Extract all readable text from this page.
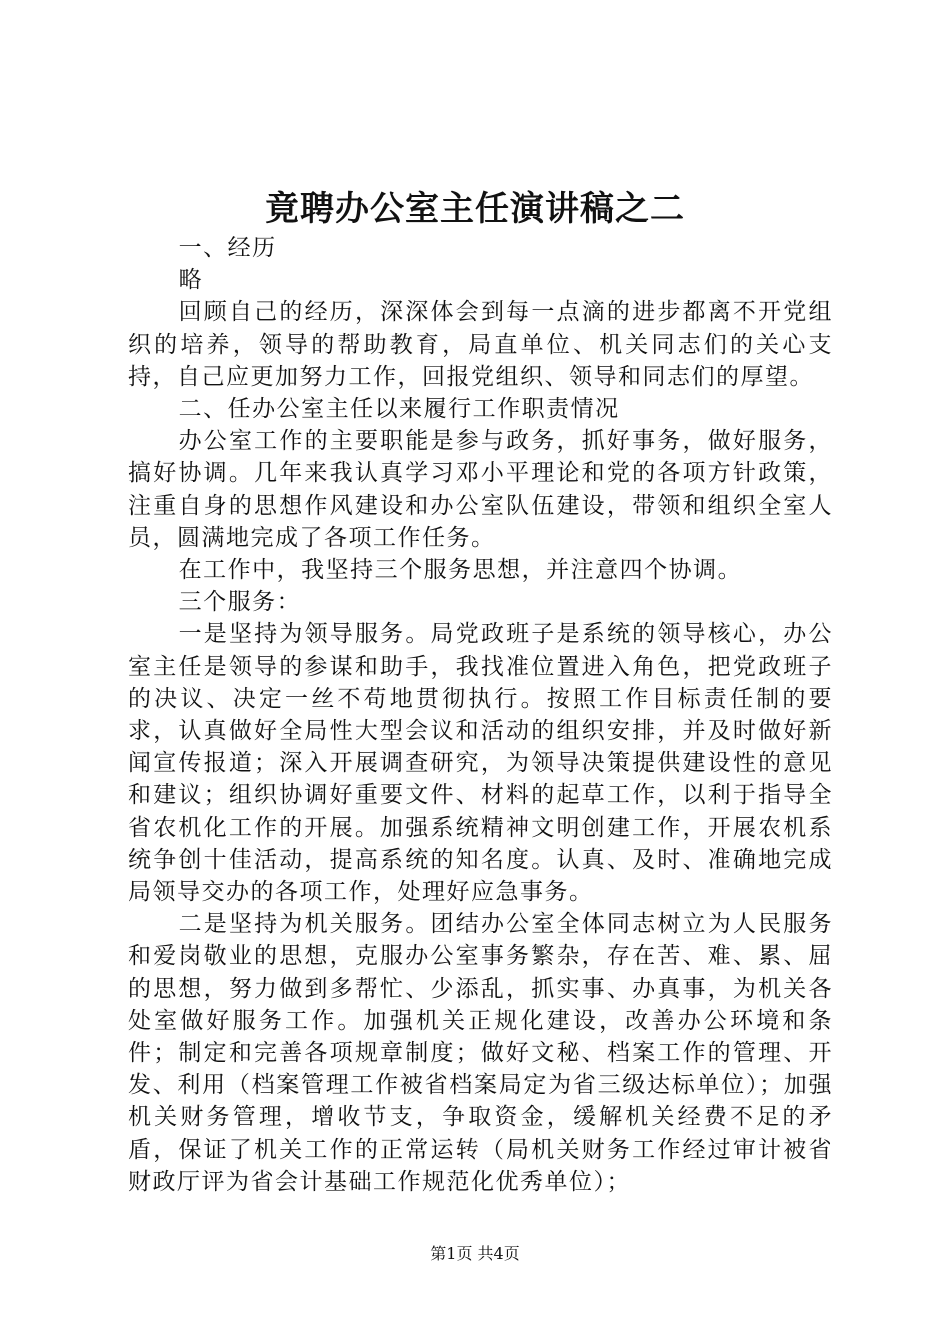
竟聘办公室主任演讲稿之二

一、经历

略

回顾自己的经历，深深体会到每一点滴的进步都离不开党组织的培养，领导的帮助教育，局直单位、机关同志们的关心支持，自己应更加努力工作，回报党组织、领导和同志们的厚望。

二、任办公室主任以来履行工作职责情况

办公室工作的主要职能是参与政务，抓好事务，做好服务，搞好协调。几年来我认真学习邓小平理论和党的各项方针政策，注重自身的思想作风建设和办公室队伍建设，带领和组织全室人员，圆满地完成了各项工作任务。

在工作中，我坚持三个服务思想，并注意四个协调。

三个服务：

一是坚持为领导服务。局党政班子是系统的领导核心，办公室主任是领导的参谋和助手，我找准位置进入角色，把党政班子的决议、决定一丝不苟地贯彻执行。按照工作目标责任制的要求，认真做好全局性大型会议和活动的组织安排，并及时做好新闻宣传报道；深入开展调查研究，为领导决策提供建设性的意见和建议；组织协调好重要文件、材料的起草工作，以利于指导全省农机化工作的开展。加强系统精神文明创建工作，开展农机系统争创十佳活动，提高系统的知名度。认真、及时、准确地完成局领导交办的各项工作，处理好应急事务。

二是坚持为机关服务。团结办公室全体同志树立为人民服务和爱岗敬业的思想，克服办公室事务繁杂，存在苦、难、累、屈的思想，努力做到多帮忙、少添乱，抓实事、办真事，为机关各处室做好服务工作。加强机关正规化建设，改善办公环境和条件；制定和完善各项规章制度；做好文秘、档案工作的管理、开发、利用（档案管理工作被省档案局定为省三级达标单位）；加强机关财务管理，增收节支，争取资金，缓解机关经费不足的矛盾，保证了机关工作的正常运转（局机关财务工作经过审计被省财政厅评为省会计基础工作规范化优秀单位）；

第1页 共4页
